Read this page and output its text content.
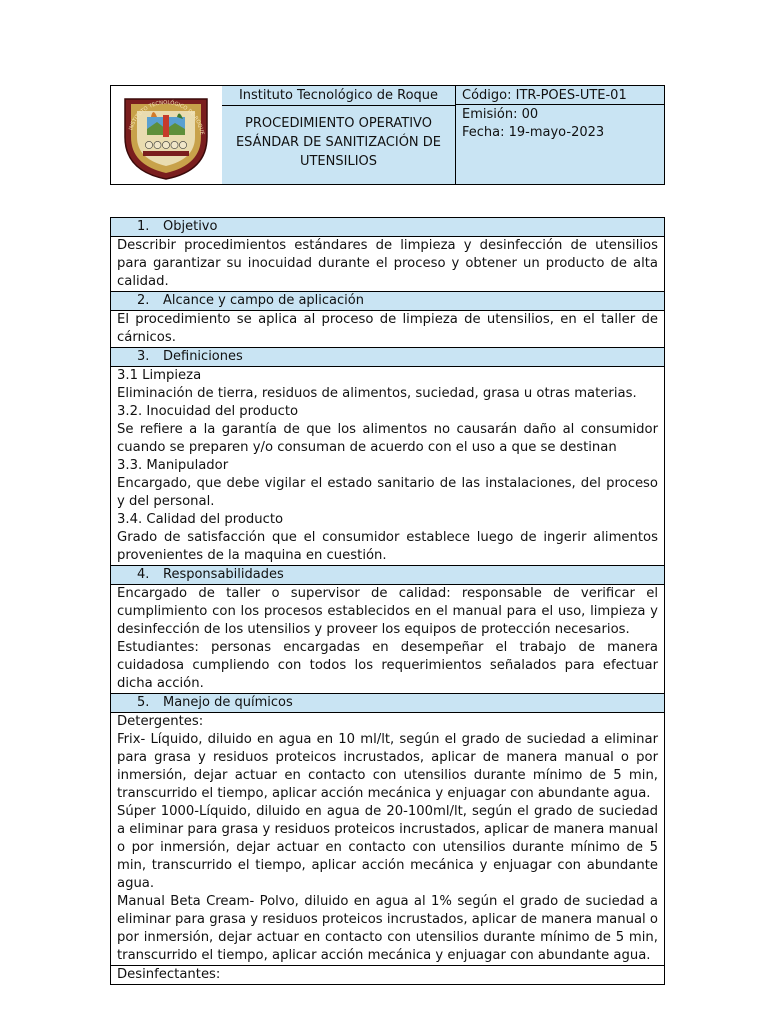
INSTITUTO TECNOLÓGICO DE ROQUE
Instituto Tecnológico de Roque
PROCEDIMIENTO OPERATIVO
ESÁNDAR DE SANITIZACIÓN DE
UTENSILIOS
Código: ITR-POES-UTE-01
Emisión: 00
Fecha: 19-mayo-2023
1. Objetivo

Describir procedimientos estándares de limpieza y desinfección de utensilios para garantizar su inocuidad durante el proceso y obtener un producto de alta calidad.

2. Alcance y campo de aplicación

El procedimiento se aplica al proceso de limpieza de utensilios, en el taller de cárnicos.

3. Definiciones

3.1 Limpieza

Eliminación de tierra, residuos de alimentos, suciedad, grasa u otras materias.

3.2. Inocuidad del producto

Se refiere a la garantía de que los alimentos no causarán daño al consumidor cuando se preparen y/o consuman de acuerdo con el uso a que se destinan

3.3. Manipulador

Encargado, que debe vigilar el estado sanitario de las instalaciones, del proceso y del personal.

3.4. Calidad del producto

Grado de satisfacción que el consumidor establece luego de ingerir alimentos provenientes de la maquina en cuestión.

4. Responsabilidades

Encargado de taller o supervisor de calidad: responsable de verificar el cumplimiento con los procesos establecidos en el manual para el uso, limpieza y desinfección de los utensilios y proveer los equipos de protección necesarios.

Estudiantes: personas encargadas en desempeñar el trabajo de manera cuidadosa cumpliendo con todos los requerimientos señalados para efectuar dicha acción.

5. Manejo de químicos

Detergentes:

Frix- Líquido, diluido en agua en 10 ml/lt, según el grado de suciedad a eliminar para grasa y residuos proteicos incrustados, aplicar de manera manual o por inmersión, dejar actuar en contacto con utensilios durante mínimo de 5 min, transcurrido el tiempo, aplicar acción mecánica y enjuagar con abundante agua.

Súper 1000-Líquido, diluido en agua de 20-100ml/lt, según el grado de suciedad a eliminar para grasa y residuos proteicos incrustados, aplicar de manera manual o por inmersión, dejar actuar en contacto con utensilios durante mínimo de 5 min, transcurrido el tiempo, aplicar acción mecánica y enjuagar con abundante agua.

Manual Beta Cream- Polvo, diluido en agua al 1% según el grado de suciedad a eliminar para grasa y residuos proteicos incrustados, aplicar de manera manual o por inmersión, dejar actuar en contacto con utensilios durante mínimo de 5 min, transcurrido el tiempo, aplicar acción mecánica y enjuagar con abundante agua.

Desinfectantes:
